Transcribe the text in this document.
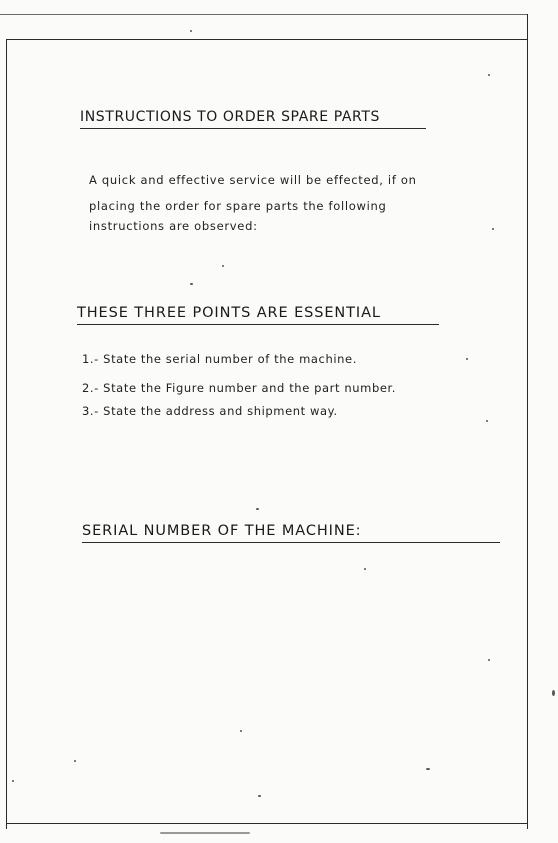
INSTRUCTIONS TO ORDER SPARE PARTS
A quick and effective service will be effected, if on
placing the order for spare parts the following
instructions are observed:
THESE THREE POINTS ARE ESSENTIAL
1.- State the serial number of the machine.
2.- State the Figure number and the part number.
3.- State the address and shipment way.
SERIAL NUMBER OF THE MACHINE:
